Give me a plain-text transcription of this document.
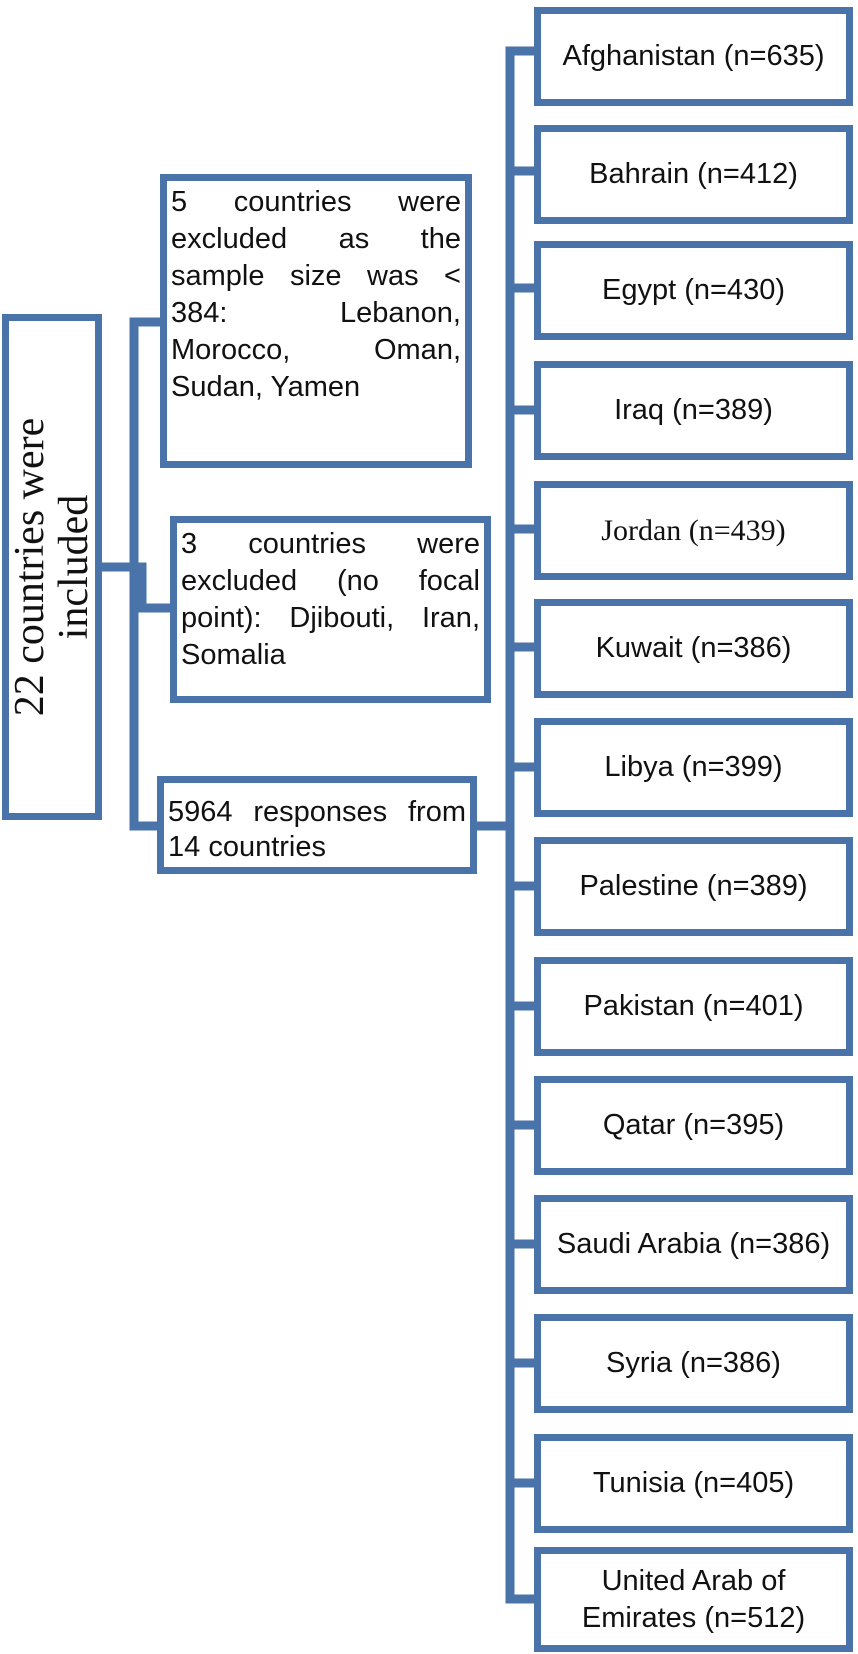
22 countries were
included
5 countries were excluded as the sample size was < 384: Lebanon, Morocco, Oman, Sudan, Yamen
3 countries were excluded (no focal point): Djibouti, Iran, Somalia
5964 responses from 14 countries
Afghanistan (n=635)
Bahrain (n=412)
Egypt (n=430)
Iraq (n=389)
Jordan (n=439)
Kuwait (n=386)
Libya (n=399)
Palestine (n=389)
Pakistan (n=401)
Qatar (n=395)
Saudi Arabia (n=386)
Syria (n=386)
Tunisia (n=405)
United Arab of Emirates (n=512)
